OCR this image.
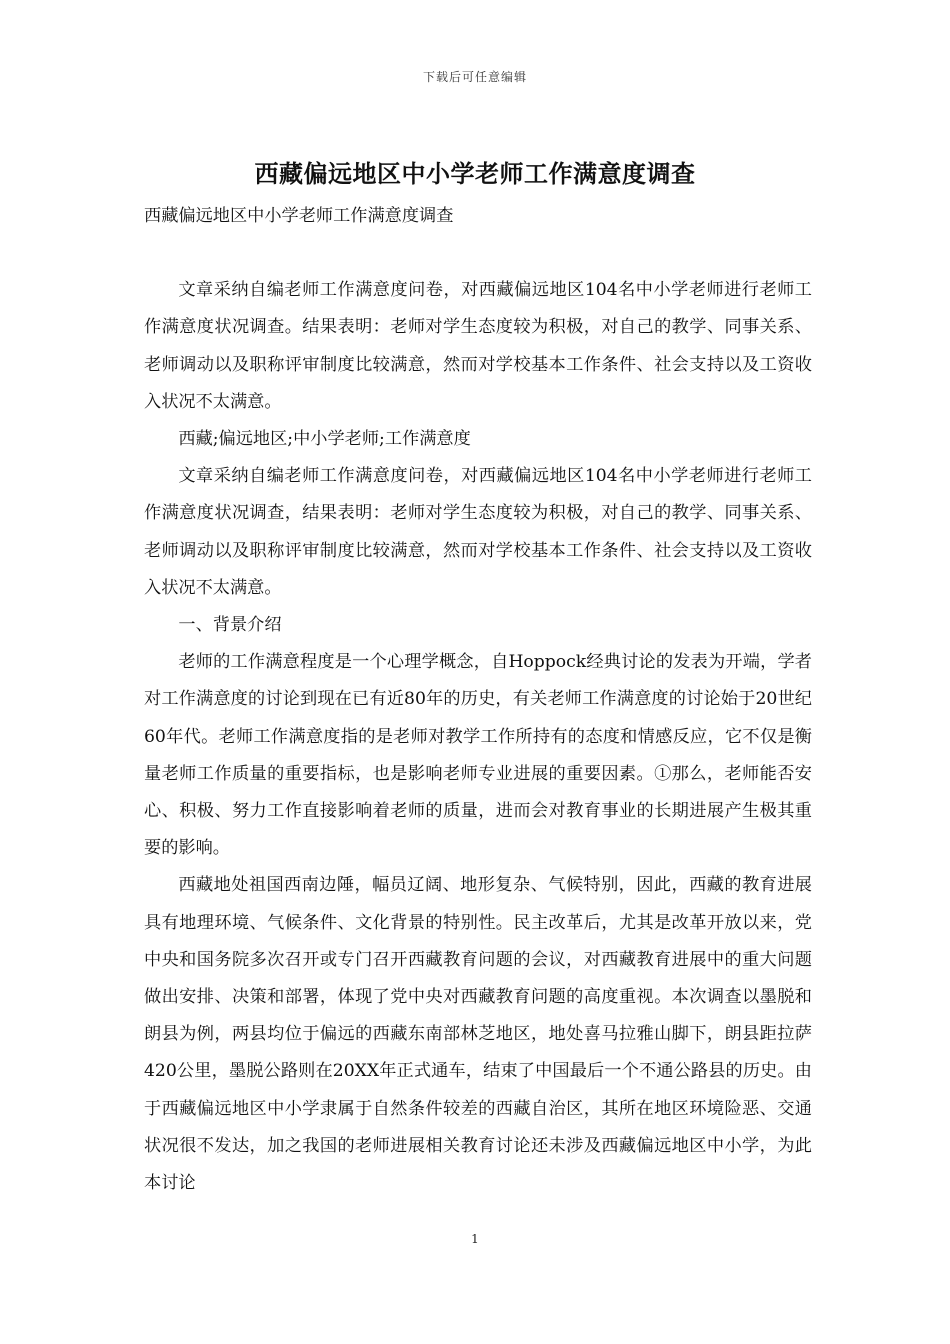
下载后可任意编辑
西藏偏远地区中小学老师工作满意度调查

西藏偏远地区中小学老师工作满意度调查

文章采纳自编老师工作满意度问卷，对西藏偏远地区104名中小学老师进行老师工作满意度状况调查。结果表明：老师对学生态度较为积极，对自己的教学、同事关系、老师调动以及职称评审制度比较满意，然而对学校基本工作条件、社会支持以及工资收入状况不太满意。

西藏;偏远地区;中小学老师;工作满意度

文章采纳自编老师工作满意度问卷，对西藏偏远地区104名中小学老师进行老师工作满意度状况调查，结果表明：老师对学生态度较为积极，对自己的教学、同事关系、老师调动以及职称评审制度比较满意，然而对学校基本工作条件、社会支持以及工资收入状况不太满意。

一、背景介绍

老师的工作满意程度是一个心理学概念，自Hoppock经典讨论的发表为开端，学者对工作满意度的讨论到现在已有近80年的历史，有关老师工作满意度的讨论始于20世纪60年代。老师工作满意度指的是老师对教学工作所持有的态度和情感反应，它不仅是衡量老师工作质量的重要指标，也是影响老师专业进展的重要因素。①那么，老师能否安心、积极、努力工作直接影响着老师的质量，进而会对教育事业的长期进展产生极其重要的影响。

西藏地处祖国西南边陲，幅员辽阔、地形复杂、气候特别，因此，西藏的教育进展具有地理环境、气候条件、文化背景的特别性。民主改革后，尤其是改革开放以来，党中央和国务院多次召开或专门召开西藏教育问题的会议，对西藏教育进展中的重大问题做出安排、决策和部署，体现了党中央对西藏教育问题的高度重视。本次调查以墨脱和朗县为例，两县均位于偏远的西藏东南部林芝地区，地处喜马拉雅山脚下，朗县距拉萨420公里，墨脱公路则在20XX年正式通车，结束了中国最后一个不通公路县的历史。由于西藏偏远地区中小学隶属于自然条件较差的西藏自治区，其所在地区环境险恶、交通状况很不发达，加之我国的老师进展相关教育讨论还未涉及西藏偏远地区中小学，为此本讨论

1
